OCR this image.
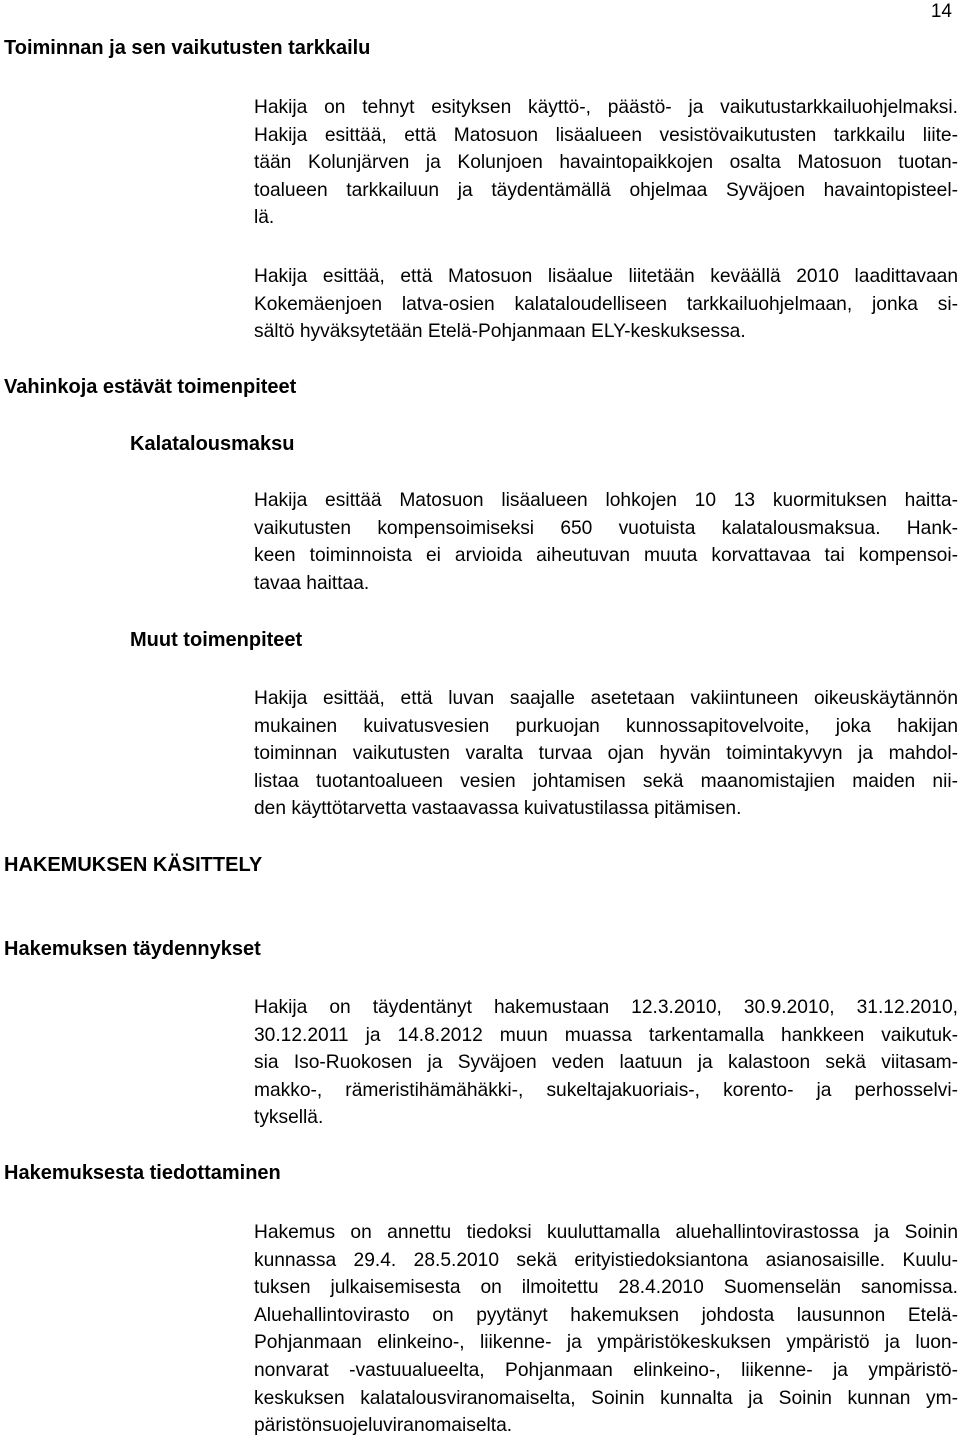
14
Toiminnan ja sen vaikutusten tarkkailu
Hakija on tehnyt esityksen käyttö-, päästö- ja vaikutustarkkailuohjelmaksi.
Hakija esittää, että Matosuon lisäalueen vesistövaikutusten tarkkailu liite-
tään Kolunjärven ja Kolunjoen havaintopaikkojen osalta Matosuon tuotan-
toalueen tarkkailuun ja täydentämällä ohjelmaa Syväjoen havaintopisteel-
lä.
Hakija esittää, että Matosuon lisäalue liitetään keväällä 2010 laadittavaan
Kokemäenjoen latva-osien kalataloudelliseen tarkkailuohjelmaan, jonka si-
sältö hyväksytetään Etelä-Pohjanmaan ELY-keskuksessa.
Vahinkoja estävät toimenpiteet
Kalatalousmaksu
Hakija esittää Matosuon lisäalueen lohkojen 10 13 kuormituksen haitta-
vaikutusten kompensoimiseksi 650 vuotuista kalatalousmaksua. Hank-
keen toiminnoista ei arvioida aiheutuvan muuta korvattavaa tai kompensoi-
tavaa haittaa.
Muut toimenpiteet
Hakija esittää, että luvan saajalle asetetaan vakiintuneen oikeuskäytännön
mukainen kuivatusvesien purkuojan kunnossapitovelvoite, joka hakijan
toiminnan vaikutusten varalta turvaa ojan hyvän toimintakyvyn ja mahdol-
listaa tuotantoalueen vesien johtamisen sekä maanomistajien maiden nii-
den käyttötarvetta vastaavassa kuivatustilassa pitämisen.
HAKEMUKSEN KÄSITTELY
Hakemuksen täydennykset
Hakija on täydentänyt hakemustaan 12.3.2010, 30.9.2010, 31.12.2010,
30.12.2011 ja 14.8.2012 muun muassa tarkentamalla hankkeen vaikutuk-
sia Iso-Ruokosen ja Syväjoen veden laatuun ja kalastoon sekä viitasam-
makko-, rämeristihämähäkki-, sukeltajakuoriais-, korento- ja perhosselvi-
tyksellä.
Hakemuksesta tiedottaminen
Hakemus on annettu tiedoksi kuuluttamalla aluehallintovirastossa ja Soinin
kunnassa 29.4. 28.5.2010 sekä erityistiedoksiantona asianosaisille. Kuulu-
tuksen julkaisemisesta on ilmoitettu 28.4.2010 Suomenselän sanomissa.
Aluehallintovirasto on pyytänyt hakemuksen johdosta lausunnon Etelä-
Pohjanmaan elinkeino-, liikenne- ja ympäristökeskuksen ympäristö ja luon-
nonvarat -vastuualueelta, Pohjanmaan elinkeino-, liikenne- ja ympäristö-
keskuksen kalatalousviranomaiselta, Soinin kunnalta ja Soinin kunnan ym-
päristönsuojeluviranomaiselta.
